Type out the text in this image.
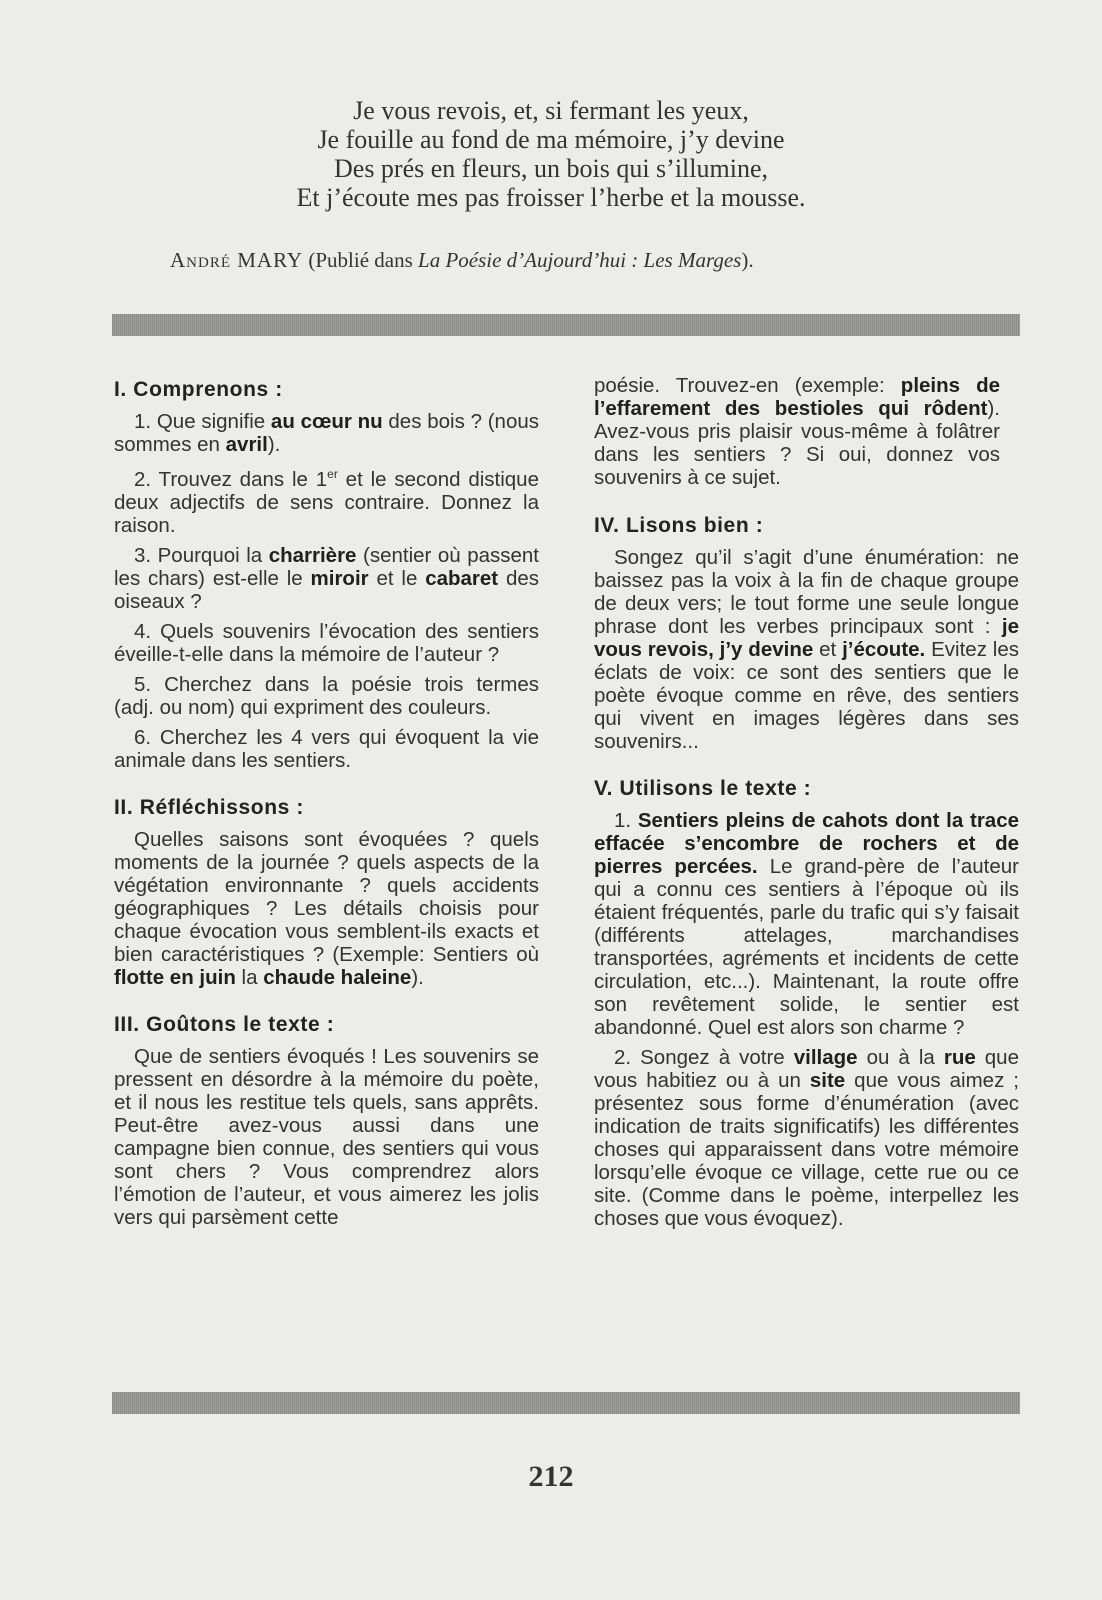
Je vous revois, et, si fermant les yeux,
Je fouille au fond de ma mémoire, j’y devine
Des prés en fleurs, un bois qui s’illumine,
Et j’écoute mes pas froisser l’herbe et la mousse.
André MARY (Publié dans La Poésie d’Aujourd’hui : Les Marges).
I. Comprenons :

1. Que signifie au cœur nu des bois ? (nous sommes en avril).

2. Trouvez dans le 1er et le second distique deux adjectifs de sens contraire. Donnez la raison.

3. Pourquoi la charrière (sentier où passent les chars) est-elle le miroir et le cabaret des oiseaux ?

4. Quels souvenirs l’évocation des sentiers éveille-t-elle dans la mémoire de l’auteur ?

5. Cherchez dans la poésie trois termes (adj. ou nom) qui expriment des couleurs.

6. Cherchez les 4 vers qui évoquent la vie animale dans les sentiers.

II. Réfléchissons :

Quelles saisons sont évoquées ? quels moments de la journée ? quels aspects de la végétation environnante ? quels accidents géographiques ? Les détails choisis pour chaque évocation vous semblent-ils exacts et bien caractéristiques ? (Exemple: Sentiers où flotte en juin la chaude haleine).

III. Goûtons le texte :

Que de sentiers évoqués ! Les souvenirs se pressent en désordre à la mémoire du poète, et il nous les restitue tels quels, sans apprêts. Peut-être avez-vous aussi dans une campagne bien connue, des sentiers qui vous sont chers ? Vous comprendrez alors l’émotion de l’auteur, et vous aimerez les jolis vers qui parsèment cette

IV. Lisons bien :

Songez qu’il s’agit d’une énumération: ne baissez pas la voix à la fin de chaque groupe de deux vers; le tout forme une seule longue phrase dont les verbes principaux sont : je vous revois, j’y devine et j’écoute. Evitez les éclats de voix: ce sont des sentiers que le poète évoque comme en rêve, des sentiers qui vivent en images légères dans ses souvenirs...

V. Utilisons le texte :

1. Sentiers pleins de cahots dont la trace effacée s’encombre de rochers et de pierres percées. Le grand-père de l’auteur qui a connu ces sentiers à l’époque où ils étaient fréquentés, parle du trafic qui s’y faisait (différents attelages, marchandises transportées, agréments et incidents de cette circulation, etc...). Maintenant, la route offre son revêtement solide, le sentier est abandonné. Quel est alors son charme ?

2. Songez à votre village ou à la rue que vous habitiez ou à un site que vous aimez ; présentez sous forme d’énumération (avec indication de traits significatifs) les différentes choses qui apparaissent dans votre mémoire lorsqu’elle évoque ce village, cette rue ou ce site. (Comme dans le poème, interpellez les choses que vous évoquez).

poésie. Trouvez-en (exemple: pleins de l’effarement des bestioles qui rôdent). Avez-vous pris plaisir vous-même à folâtrer dans les sentiers ? Si oui, donnez vos souvenirs à ce sujet.

212
